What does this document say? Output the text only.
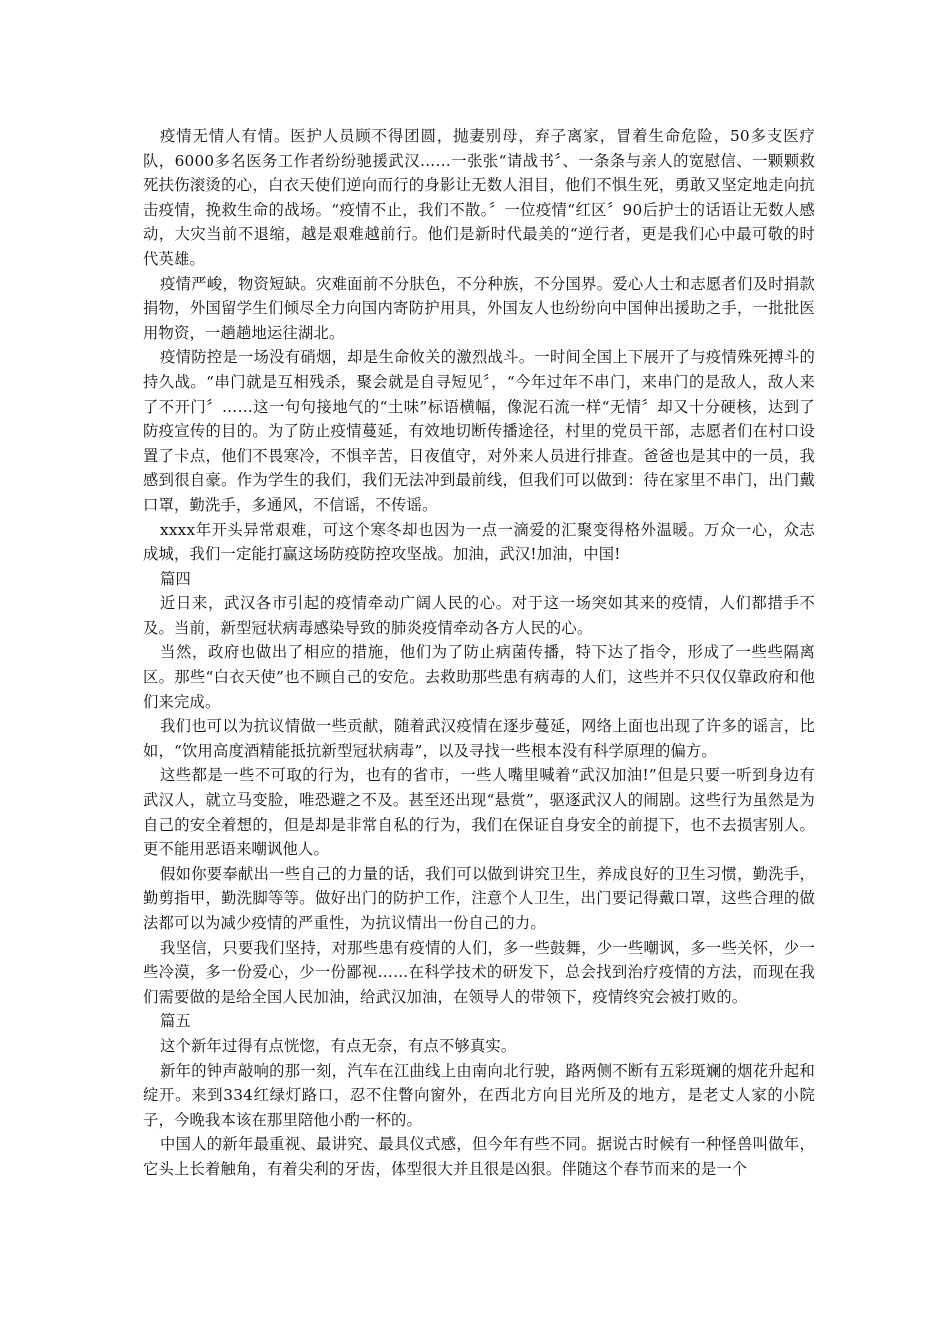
疫情无情人有情。医护人员顾不得团圆，抛妻别母，弃子离家，冒着生命危险，50多支医疗队，6000多名医务工作者纷纷驰援武汉……一张张“请战书〞、一条条与亲人的宽慰信、一颗颗救死扶伤滚烫的心，白衣天使们逆向而行的身影让无数人泪目，他们不惧生死，勇敢又坚定地走向抗击疫情，挽救生命的战场。“疫情不止，我们不散。〞一位疫情“红区〞90后护士的话语让无数人感动，大灾当前不退缩，越是艰难越前行。他们是新时代最美的“逆行者，更是我们心中最可敬的时代英雄。

疫情严峻，物资短缺。灾难面前不分肤色，不分种族，不分国界。爱心人士和志愿者们及时捐款捐物，外国留学生们倾尽全力向国内寄防护用具，外国友人也纷纷向中国伸出援助之手，一批批医用物资，一趟趟地运往湖北。

疫情防控是一场没有硝烟，却是生命攸关的激烈战斗。一时间全国上下展开了与疫情殊死搏斗的持久战。“串门就是互相残杀，聚会就是自寻短见〞，“今年过年不串门，来串门的是敌人，敌人来了不开门〞……这一句句接地气的“土味”标语横幅，像泥石流一样“无情〞却又十分硬核，达到了防疫宣传的目的。为了防止疫情蔓延，有效地切断传播途径，村里的党员干部，志愿者们在村口设置了卡点，他们不畏寒冷，不惧辛苦，日夜值守，对外来人员进行排查。爸爸也是其中的一员，我感到很自豪。作为学生的我们，我们无法冲到最前线，但我们可以做到：待在家里不串门，出门戴口罩，勤洗手，多通风，不信谣，不传谣。

xxxx年开头异常艰难，可这个寒冬却也因为一点一滴爱的汇聚变得格外温暖。万众一心，众志成城，我们一定能打赢这场防疫防控攻坚战。加油，武汉!加油，中国!

篇四

近日来，武汉各市引起的疫情牵动广阔人民的心。对于这一场突如其来的疫情，人们都措手不及。当前，新型冠状病毒感染导致的肺炎疫情牵动各方人民的心。

当然，政府也做出了相应的措施，他们为了防止病菌传播，特下达了指令，形成了一些些隔离区。那些“白衣天使”也不顾自己的安危。去救助那些患有病毒的人们，这些并不只仅仅靠政府和他们来完成。

我们也可以为抗议情做一些贡献，随着武汉疫情在逐步蔓延，网络上面也出现了许多的谣言，比如，“饮用高度酒精能抵抗新型冠状病毒”，以及寻找一些根本没有科学原理的偏方。

这些都是一些不可取的行为，也有的省市，一些人嘴里喊着“武汉加油!”但是只要一听到身边有武汉人，就立马变脸，唯恐避之不及。甚至还出现“悬赏”，驱逐武汉人的闹剧。这些行为虽然是为自己的安全着想的，但是却是非常自私的行为，我们在保证自身安全的前提下，也不去损害别人。更不能用恶语来嘲讽他人。

假如你要奉献出一些自己的力量的话，我们可以做到讲究卫生，养成良好的卫生习惯，勤洗手，勤剪指甲，勤洗脚等等。做好出门的防护工作，注意个人卫生，出门要记得戴口罩，这些合理的做法都可以为减少疫情的严重性，为抗议情出一份自己的力。

我坚信，只要我们坚持，对那些患有疫情的人们，多一些鼓舞，少一些嘲讽，多一些关怀，少一些冷漠，多一份爱心，少一份鄙视……在科学技术的研发下，总会找到治疗疫情的方法，而现在我们需要做的是给全国人民加油，给武汉加油，在领导人的带领下，疫情终究会被打败的。

篇五

这个新年过得有点恍惚，有点无奈，有点不够真实。

新年的钟声敲响的那一刻，汽车在江曲线上由南向北行驶，路两侧不断有五彩斑斓的烟花升起和绽开。来到334红绿灯路口，忍不住瞥向窗外，在西北方向目光所及的地方，是老丈人家的小院子，今晚我本该在那里陪他小酌一杯的。

中国人的新年最重视、最讲究、最具仪式感，但今年有些不同。据说古时候有一种怪兽叫做年，它头上长着触角，有着尖利的牙齿，体型很大并且很是凶狠。伴随这个春节而来的是一个
